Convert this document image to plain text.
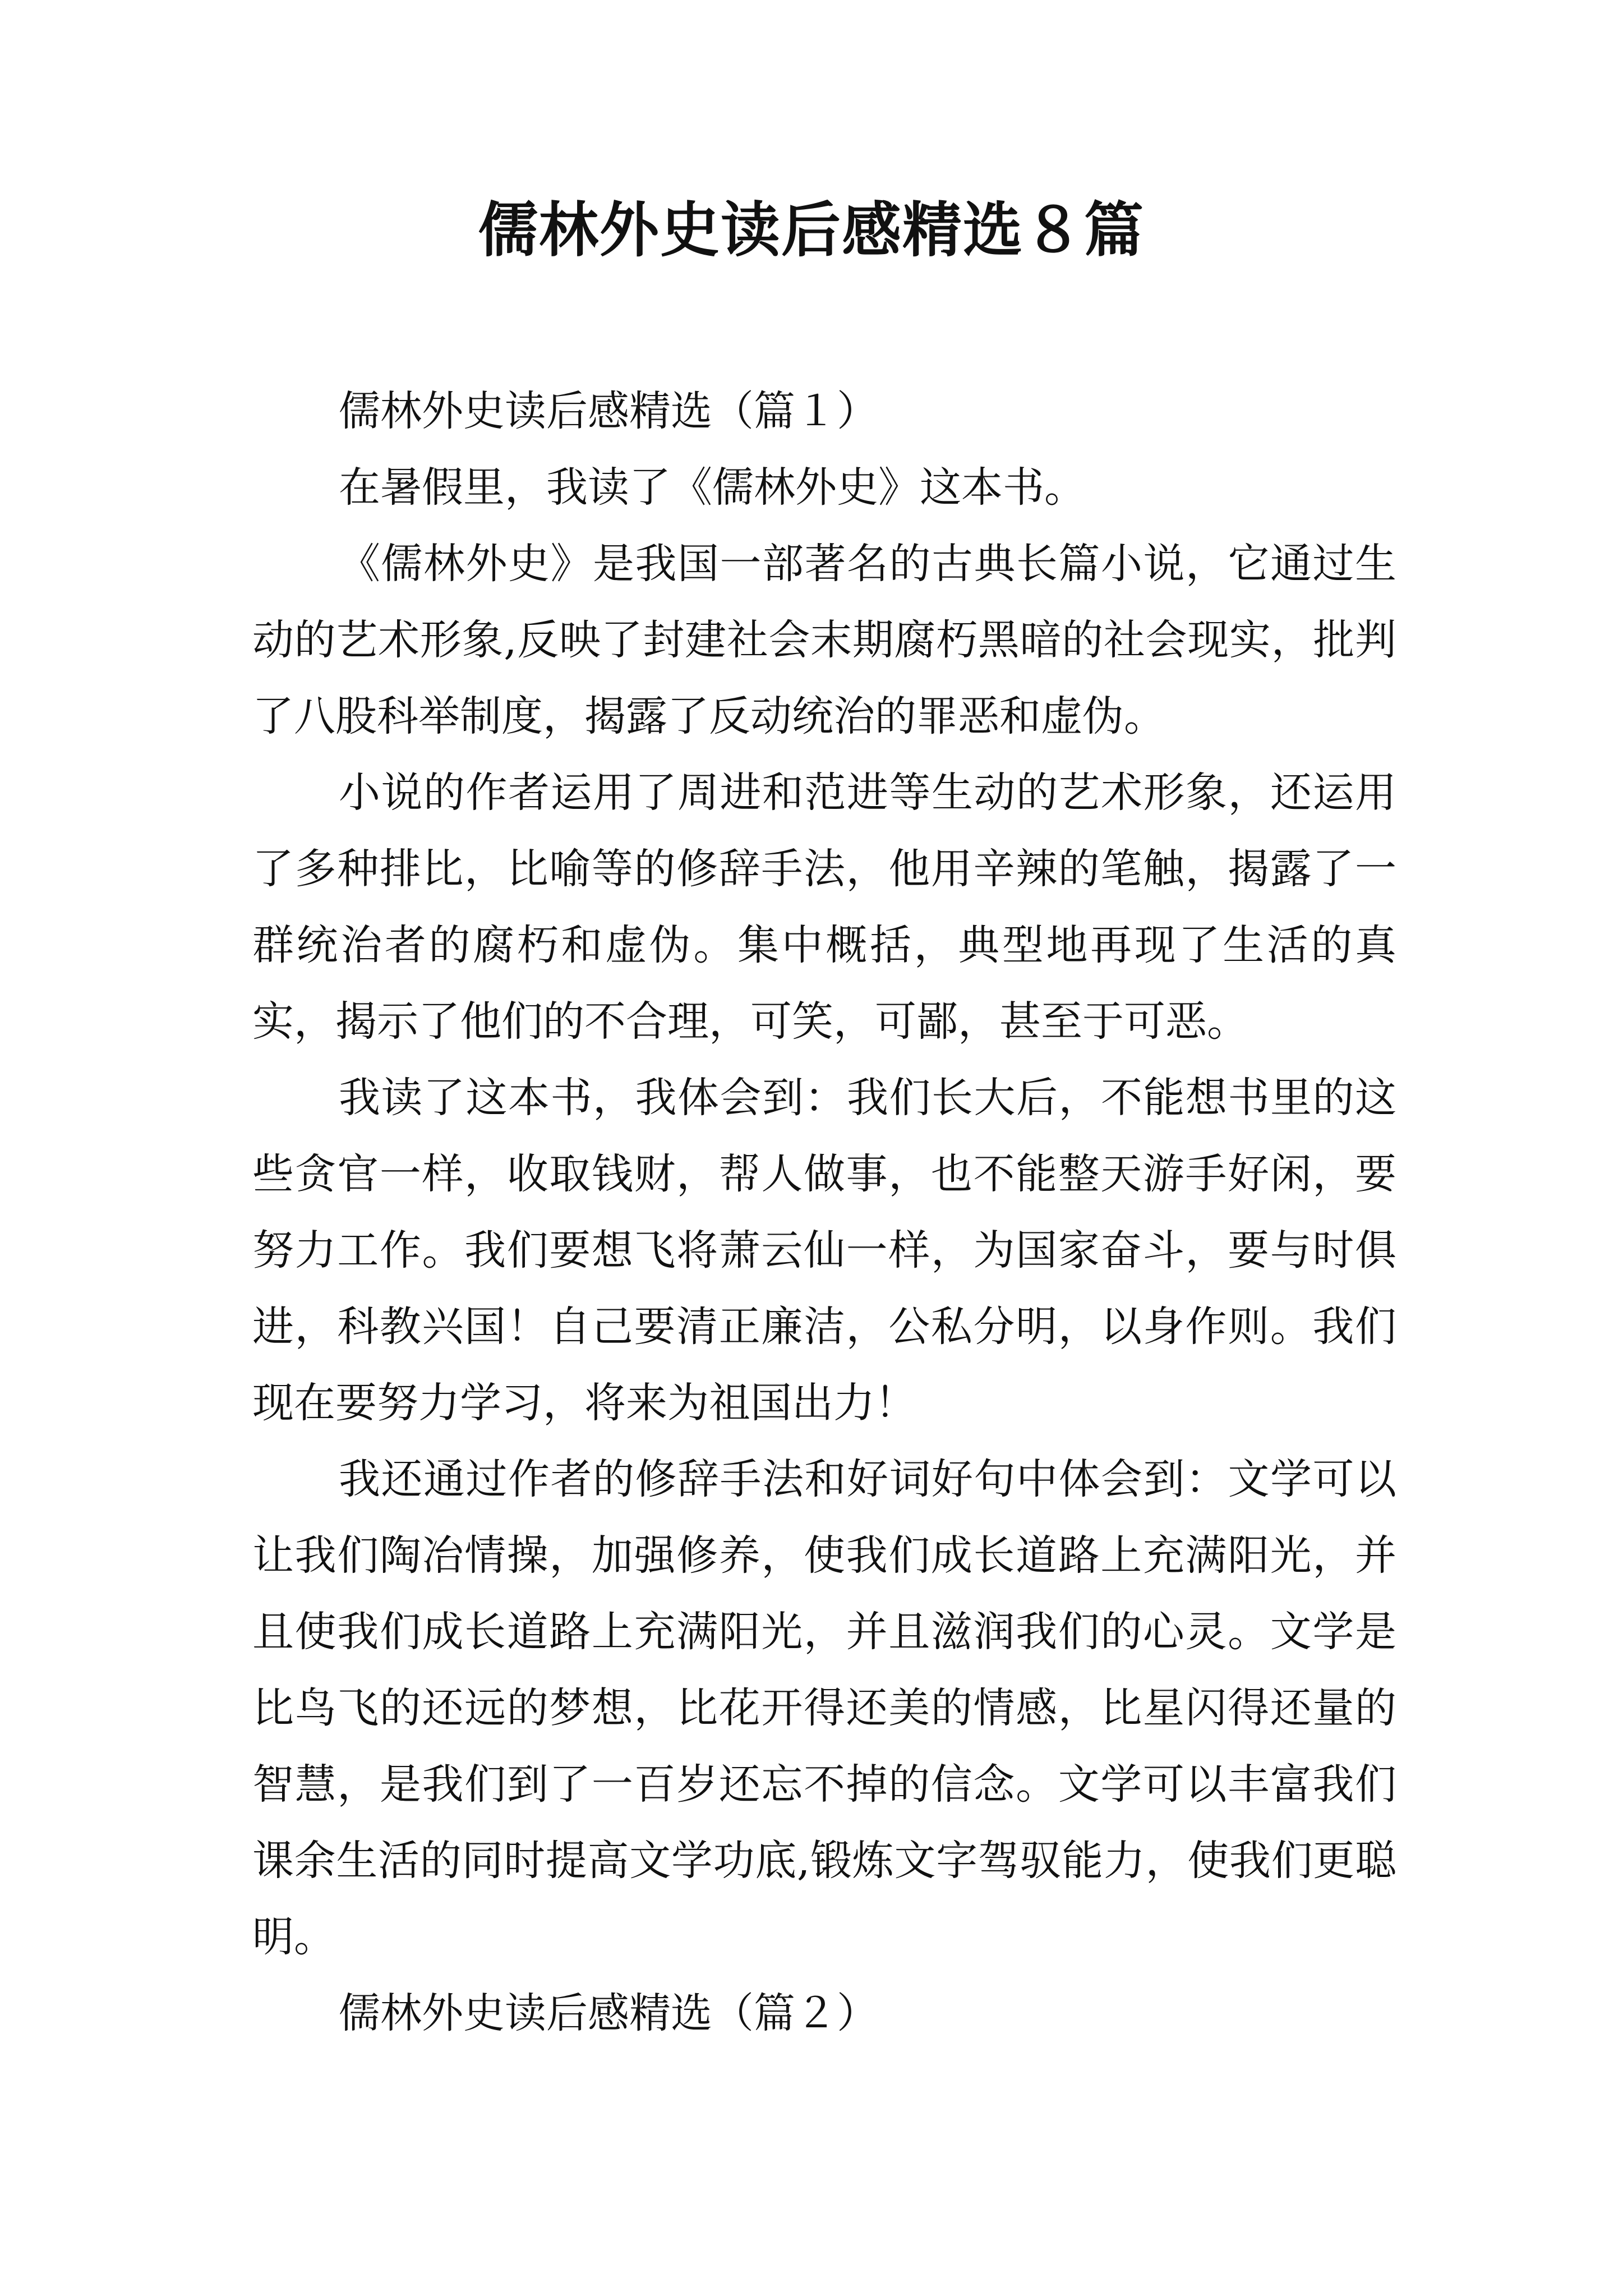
儒林外史读后感精选８篇

儒林外史读后感精选（篇１）

在暑假里，我读了《儒林外史》这本书。

《儒林外史》是我国一部著名的古典长篇小说，它通过生动的艺术形象,反映了封建社会末期腐朽黑暗的社会现实，批判了八股科举制度，揭露了反动统治的罪恶和虚伪。

小说的作者运用了周进和范进等生动的艺术形象，还运用了多种排比，比喻等的修辞手法，他用辛辣的笔触，揭露了一群统治者的腐朽和虚伪。集中概括，典型地再现了生活的真实，揭示了他们的不合理，可笑，可鄙，甚至于可恶。

我读了这本书，我体会到：我们长大后，不能想书里的这些贪官一样，收取钱财，帮人做事，也不能整天游手好闲，要努力工作。我们要想飞将萧云仙一样，为国家奋斗，要与时俱进，科教兴国！自己要清正廉洁，公私分明，以身作则。我们现在要努力学习，将来为祖国出力！

我还通过作者的修辞手法和好词好句中体会到：文学可以让我们陶冶情操，加强修养，使我们成长道路上充满阳光，并且使我们成长道路上充满阳光，并且滋润我们的心灵。文学是比鸟飞的还远的梦想，比花开得还美的情感，比星闪得还量的智慧，是我们到了一百岁还忘不掉的信念。文学可以丰富我们课余生活的同时提高文学功底,锻炼文字驾驭能力，使我们更聪明。

儒林外史读后感精选（篇２）
